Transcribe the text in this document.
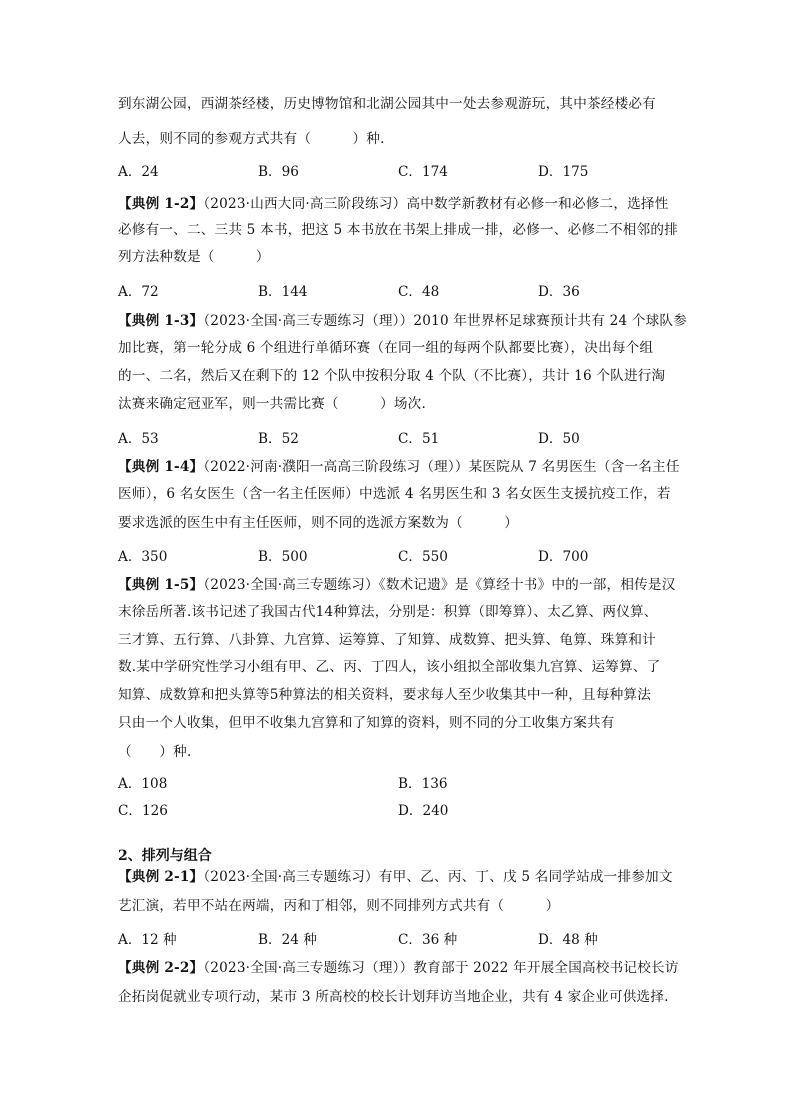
到东湖公园，西湖茶经楼，历史博物馆和北湖公园其中一处去参观游玩，其中茶经楼必有
人去，则不同的参观方式共有（　　　）种.
A．24	B．96	C．174	D．175
【典例 1-2】（2023·山西大同·高三阶段练习）高中数学新教材有必修一和必修二，选择性
必修有一、二、三共 5 本书，把这 5 本书放在书架上排成一排，必修一、必修二不相邻的排
列方法种数是（　　　）
A．72	B．144	C．48	D．36
【典例 1-3】（2023·全国·高三专题练习（理））2010 年世界杯足球赛预计共有 24 个球队参
加比赛，第一轮分成 6 个组进行单循环赛（在同一组的每两个队都要比赛），决出每个组
的一、二名，然后又在剩下的 12 个队中按积分取 4 个队（不比赛），共计 16 个队进行淘
汰赛来确定冠亚军，则一共需比赛（　　　）场次.
A．53	B．52	C．51	D．50
【典例 1-4】（2022·河南·濮阳一高高三阶段练习（理））某医院从 7 名男医生（含一名主任
医师），6 名女医生（含一名主任医师）中选派 4 名男医生和 3 名女医生支援抗疫工作，若
要求选派的医生中有主任医师，则不同的选派方案数为（　　　）
A．350	B．500	C．550	D．700
【典例 1-5】（2023·全国·高三专题练习）《数术记遗》是《算经十书》中的一部，相传是汉
末徐岳所著.该书记述了我国古代14种算法，分别是：积算（即筹算）、太乙算、两仪算、
三才算、五行算、八卦算、九宫算、运筹算、了知算、成数算、把头算、龟算、珠算和计
数.某中学研究性学习小组有甲、乙、丙、丁四人，该小组拟全部收集九宫算、运筹算、了
知算、成数算和把头算等5种算法的相关资料，要求每人至少收集其中一种，且每种算法
只由一个人收集，但甲不收集九宫算和了知算的资料，则不同的分工收集方案共有
（　　）种.
A．108	B．136
C．126	D．240
2、排列与组合
【典例 2-1】（2023·全国·高三专题练习）有甲、乙、丙、丁、戊 5 名同学站成一排参加文
艺汇演，若甲不站在两端，丙和丁相邻，则不同排列方式共有（　　　）
A．12 种	B．24 种	C．36 种	D．48 种
【典例 2-2】（2023·全国·高三专题练习（理））教育部于 2022 年开展全国高校书记校长访
企拓岗促就业专项行动，某市 3 所高校的校长计划拜访当地企业，共有 4 家企业可供选择.
